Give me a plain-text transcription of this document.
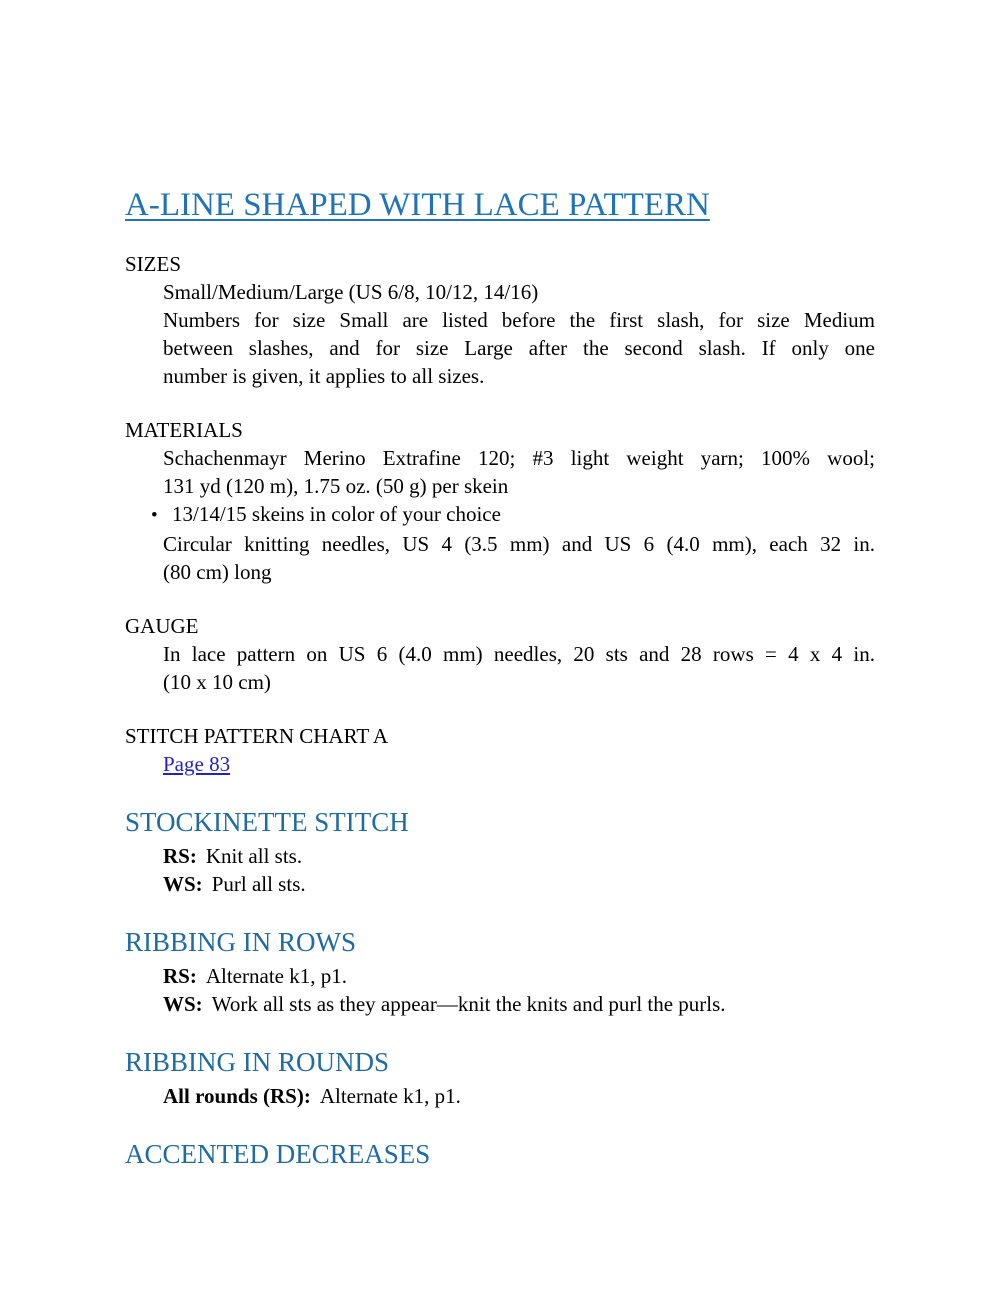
A-LINE SHAPED WITH LACE PATTERN
SIZES
Small/Medium/Large (US 6/8, 10/12, 14/16)
Numbers for size Small are listed before the first slash, for size Medium
between slashes, and for size Large after the second slash. If only one
number is given, it applies to all sizes.
MATERIALS
Schachenmayr Merino Extrafine 120; #3 light weight yarn; 100% wool;
131 yd (120 m), 1.75 oz. (50 g) per skein
• 13/14/15 skeins in color of your choice
Circular knitting needles, US 4 (3.5 mm) and US 6 (4.0 mm), each 32 in.
(80 cm) long
GAUGE
In lace pattern on US 6 (4.0 mm) needles, 20 sts and 28 rows = 4 x 4 in.
(10 x 10 cm)
STITCH PATTERN CHART A
Page 83
STOCKINETTE STITCH
RS: Knit all sts.
WS: Purl all sts.
RIBBING IN ROWS
RS: Alternate k1, p1.
WS: Work all sts as they appear—knit the knits and purl the purls.
RIBBING IN ROUNDS
All rounds (RS): Alternate k1, p1.
ACCENTED DECREASES
